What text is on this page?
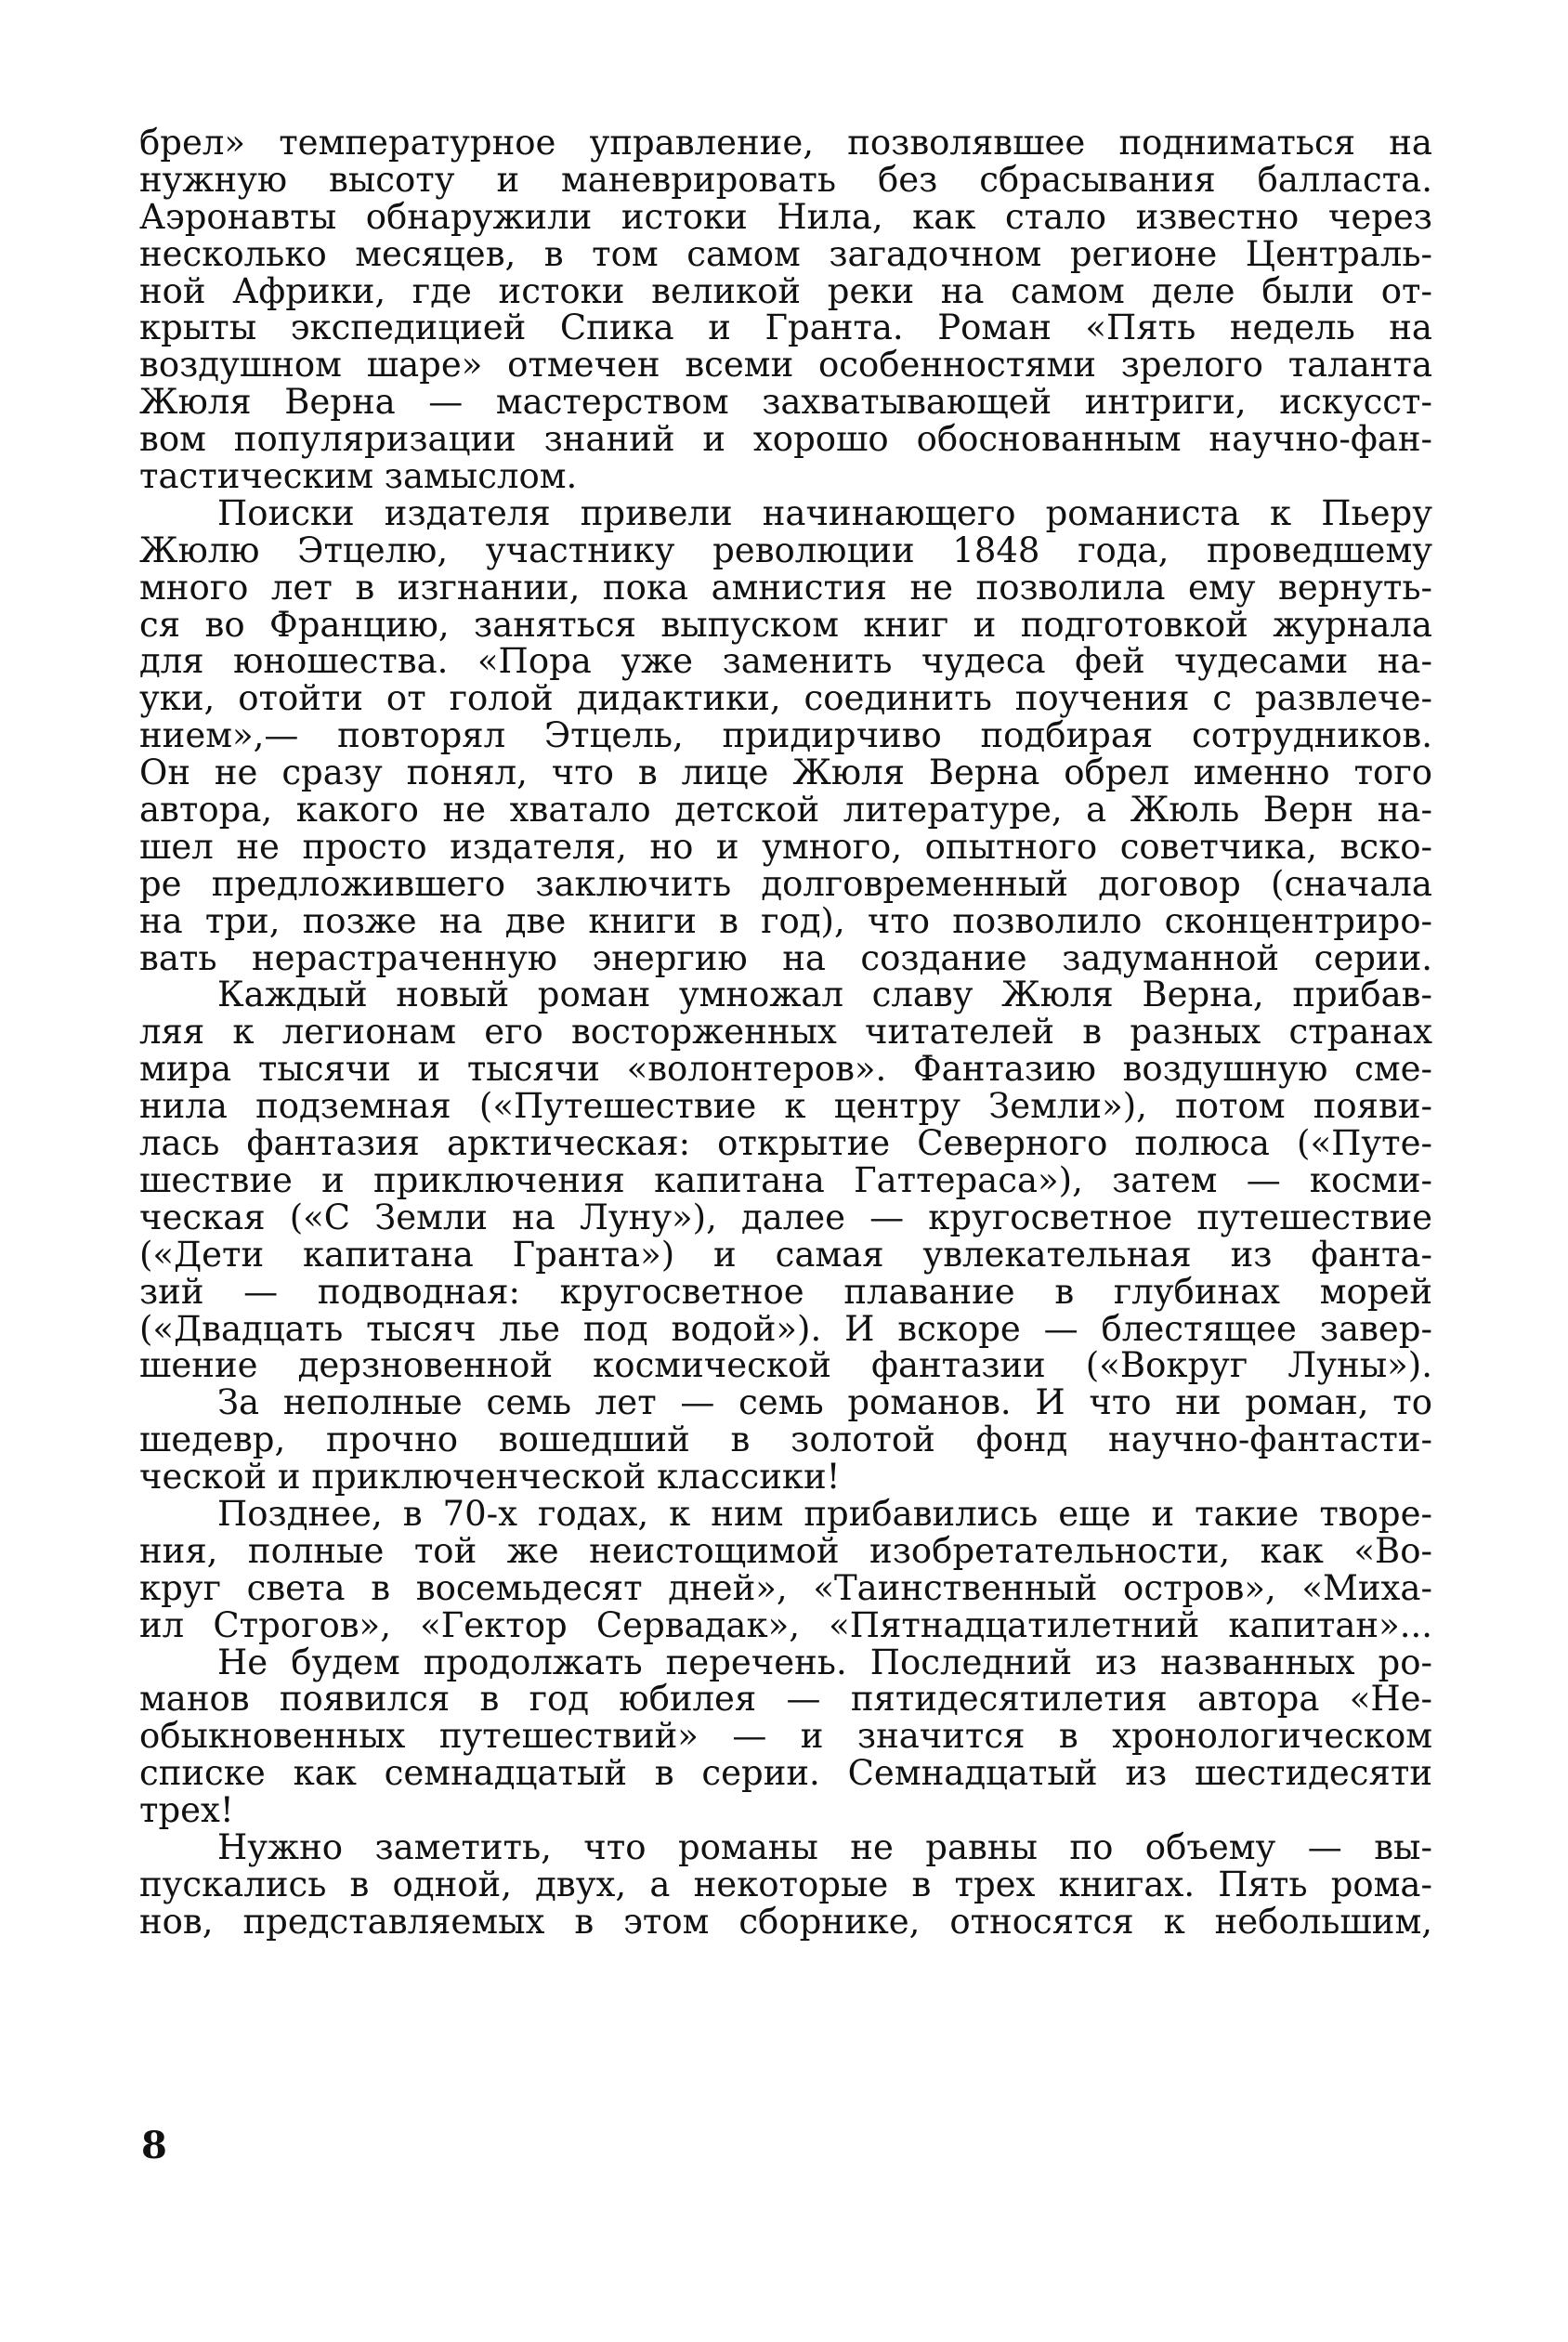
брел» температурное управление, позволявшее подниматься на
нужную высоту и маневрировать без сбрасывания балласта.
Аэронавты обнаружили истоки Нила, как стало известно через
несколько месяцев, в том самом загадочном регионе Централь-
ной Африки, где истоки великой реки на самом деле были от-
крыты экспедицией Спика и Гранта. Роман «Пять недель на
воздушном шаре» отмечен всеми особенностями зрелого таланта
Жюля Верна — мастерством захватывающей интриги, искусст-
вом популяризации знаний и хорошо обоснованным научно-фан-
тастическим замыслом.
Поиски издателя привели начинающего романиста к Пьеру
Жюлю Этцелю, участнику революции 1848 года, проведшему
много лет в изгнании, пока амнистия не позволила ему вернуть-
ся во Францию, заняться выпуском книг и подготовкой журнала
для юношества. «Пора уже заменить чудеса фей чудесами на-
уки, отойти от голой дидактики, соединить поучения с развлече-
нием»,— повторял Этцель, придирчиво подбирая сотрудников.
Он не сразу понял, что в лице Жюля Верна обрел именно того
автора, какого не хватало детской литературе, а Жюль Верн на-
шел не просто издателя, но и умного, опытного советчика, вско-
ре предложившего заключить долговременный договор (сначала
на три, позже на две книги в год), что позволило сконцентриро-
вать нерастраченную энергию на создание задуманной серии.
Каждый новый роман умножал славу Жюля Верна, прибав-
ляя к легионам его восторженных читателей в разных странах
мира тысячи и тысячи «волонтеров». Фантазию воздушную сме-
нила подземная («Путешествие к центру Земли»), потом появи-
лась фантазия арктическая: открытие Северного полюса («Путе-
шествие и приключения капитана Гаттераса»), затем — косми-
ческая («С Земли на Луну»), далее — кругосветное путешествие
(«Дети капитана Гранта») и самая увлекательная из фанта-
зий — подводная: кругосветное плавание в глубинах морей
(«Двадцать тысяч лье под водой»). И вскоре — блестящее завер-
шение дерзновенной космической фантазии («Вокруг Луны»).
За неполные семь лет — семь романов. И что ни роман, то
шедевр, прочно вошедший в золотой фонд научно-фантасти-
ческой и приключенческой классики!
Позднее, в 70-х годах, к ним прибавились еще и такие творе-
ния, полные той же неистощимой изобретательности, как «Во-
круг света в восемьдесят дней», «Таинственный остров», «Миха-
ил Строгов», «Гектор Сервадак», «Пятнадцатилетний капитан»...
Не будем продолжать перечень. Последний из названных ро-
манов появился в год юбилея — пятидесятилетия автора «Не-
обыкновенных путешествий» — и значится в хронологическом
списке как семнадцатый в серии. Семнадцатый из шестидесяти
трех!
Нужно заметить, что романы не равны по объему — вы-
пускались в одной, двух, а некоторые в трех книгах. Пять рома-
нов, представляемых в этом сборнике, относятся к небольшим,
8
